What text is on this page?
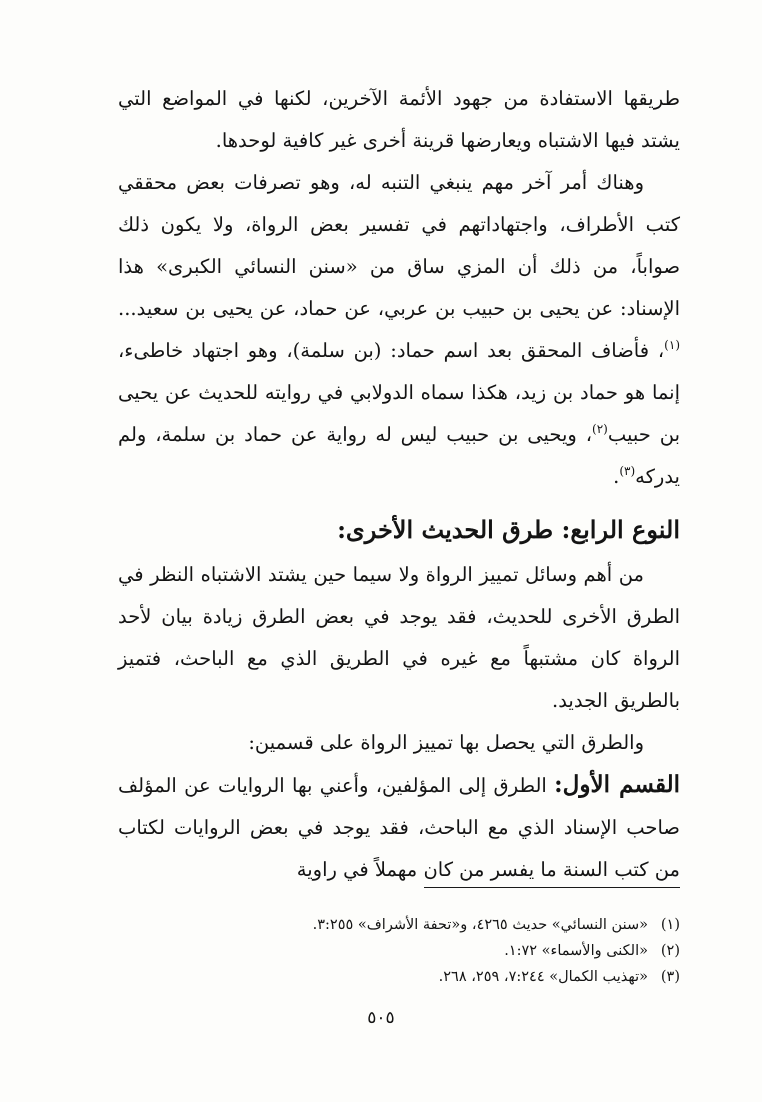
طريقها الاستفادة من جهود الأئمة الآخرين، لكنها في المواضع التي يشتد فيها الاشتباه ويعارضها قرينة أخرى غير كافية لوحدها.

وهناك أمر آخر مهم ينبغي التنبه له، وهو تصرفات بعض محققي كتب الأطراف، واجتهاداتهم في تفسير بعض الرواة، ولا يكون ذلك صواباً، من ذلك أن المزي ساق من «سنن النسائي الكبرى» هذا الإسناد: عن يحيى بن حبيب بن عربي، عن حماد، عن يحيى بن سعيد...$^{(١)}$، فأضاف المحقق بعد اسم حماد: (بن سلمة)، وهو اجتهاد خاطىء، إنما هو حماد بن زيد، هكذا سماه الدولابي في روايته للحديث عن يحيى بن حبيب$^{(٢)}$، ويحيى بن حبيب ليس له رواية عن حماد بن سلمة، ولم يدركه$^{(٣)}$.

النوع الرابع: طرق الحديث الأخرى:

من أهم وسائل تمييز الرواة ولا سيما حين يشتد الاشتباه النظر في الطرق الأخرى للحديث، فقد يوجد في بعض الطرق زيادة بيان لأحد الرواة كان مشتبهاً مع غيره في الطريق الذي مع الباحث، فتميز بالطريق الجديد.

والطرق التي يحصل بها تمييز الرواة على قسمين:

القسم الأول: الطرق إلى المؤلفين، وأعني بها الروايات عن المؤلف صاحب الإسناد الذي مع الباحث، فقد يوجد في بعض الروايات لكتاب من كتب السنة ما يفسر من كان مهملاً في راوية

(١)«سنن النسائي» حديث ٤٢٦٥، و«تحفة الأشراف» ٣:٢٥٥.

(٢)«الكنى والأسماء» ١:٧٢.

(٣)«تهذيب الكمال» ٧:٢٤٤، ٢٥٩، ٢٦٨.

٥٠٥
